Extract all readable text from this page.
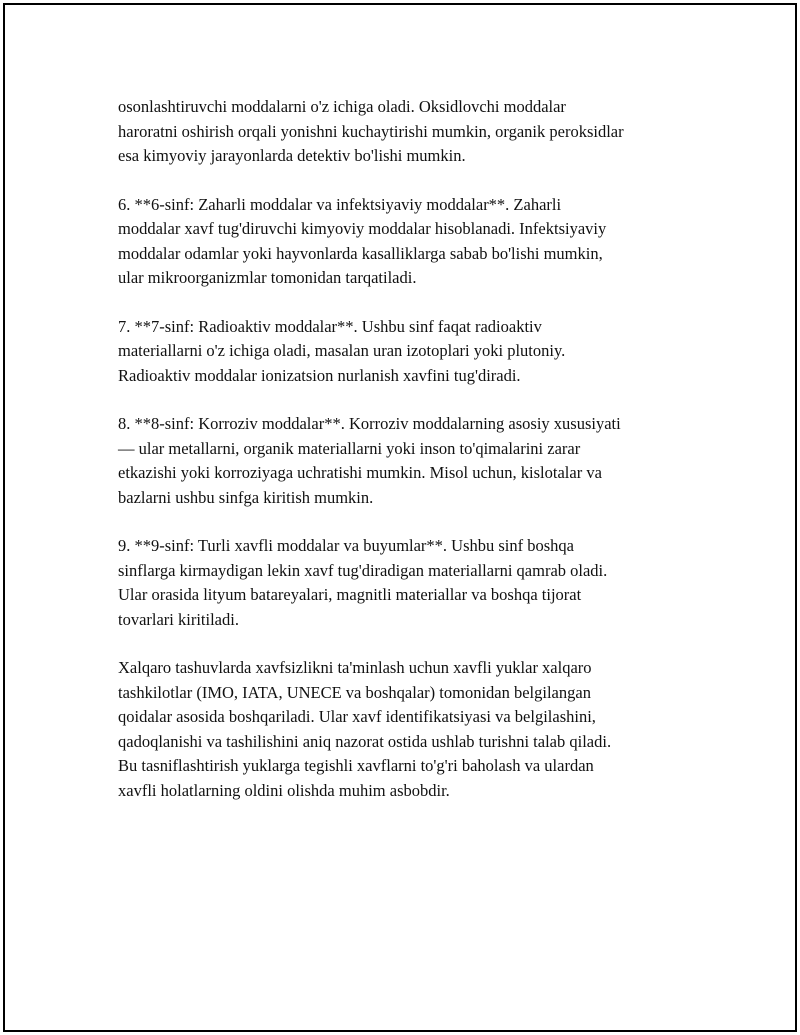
osonlashtiruvchi moddalarni o'z ichiga oladi. Oksidlovchi moddalar
haroratni oshirish orqali yonishni kuchaytirishi mumkin, organik peroksidlar
esa kimyoviy jarayonlarda detektiv bo'lishi mumkin.

6. **6-sinf: Zaharli moddalar va infektsiyaviy moddalar**. Zaharli
moddalar xavf tug'diruvchi kimyoviy moddalar hisoblanadi. Infektsiyaviy
moddalar odamlar yoki hayvonlarda kasalliklarga sabab bo'lishi mumkin,
ular mikroorganizmlar tomonidan tarqatiladi.

7. **7-sinf: Radioaktiv moddalar**. Ushbu sinf faqat radioaktiv
materiallarni o'z ichiga oladi, masalan uran izotoplari yoki plutoniy.
Radioaktiv moddalar ionizatsion nurlanish xavfini tug'diradi.

8. **8-sinf: Korroziv moddalar**. Korroziv moddalarning asosiy xususiyati
— ular metallarni, organik materiallarni yoki inson to'qimalarini zarar
etkazishi yoki korroziyaga uchratishi mumkin. Misol uchun, kislotalar va
bazlarni ushbu sinfga kiritish mumkin.

9. **9-sinf: Turli xavfli moddalar va buyumlar**. Ushbu sinf boshqa
sinflarga kirmaydigan lekin xavf tug'diradigan materiallarni qamrab oladi.
Ular orasida lityum batareyalari, magnitli materiallar va boshqa tijorat
tovarlari kiritiladi.

Xalqaro tashuvlarda xavfsizlikni ta'minlash uchun xavfli yuklar xalqaro
tashkilotlar (IMO, IATA, UNECE va boshqalar) tomonidan belgilangan
qoidalar asosida boshqariladi. Ular xavf identifikatsiyasi va belgilashini,
qadoqlanishi va tashilishini aniq nazorat ostida ushlab turishni talab qiladi.
Bu tasniflashtirish yuklarga tegishli xavflarni to'g'ri baholash va ulardan
xavfli holatlarning oldini olishda muhim asbobdir.
